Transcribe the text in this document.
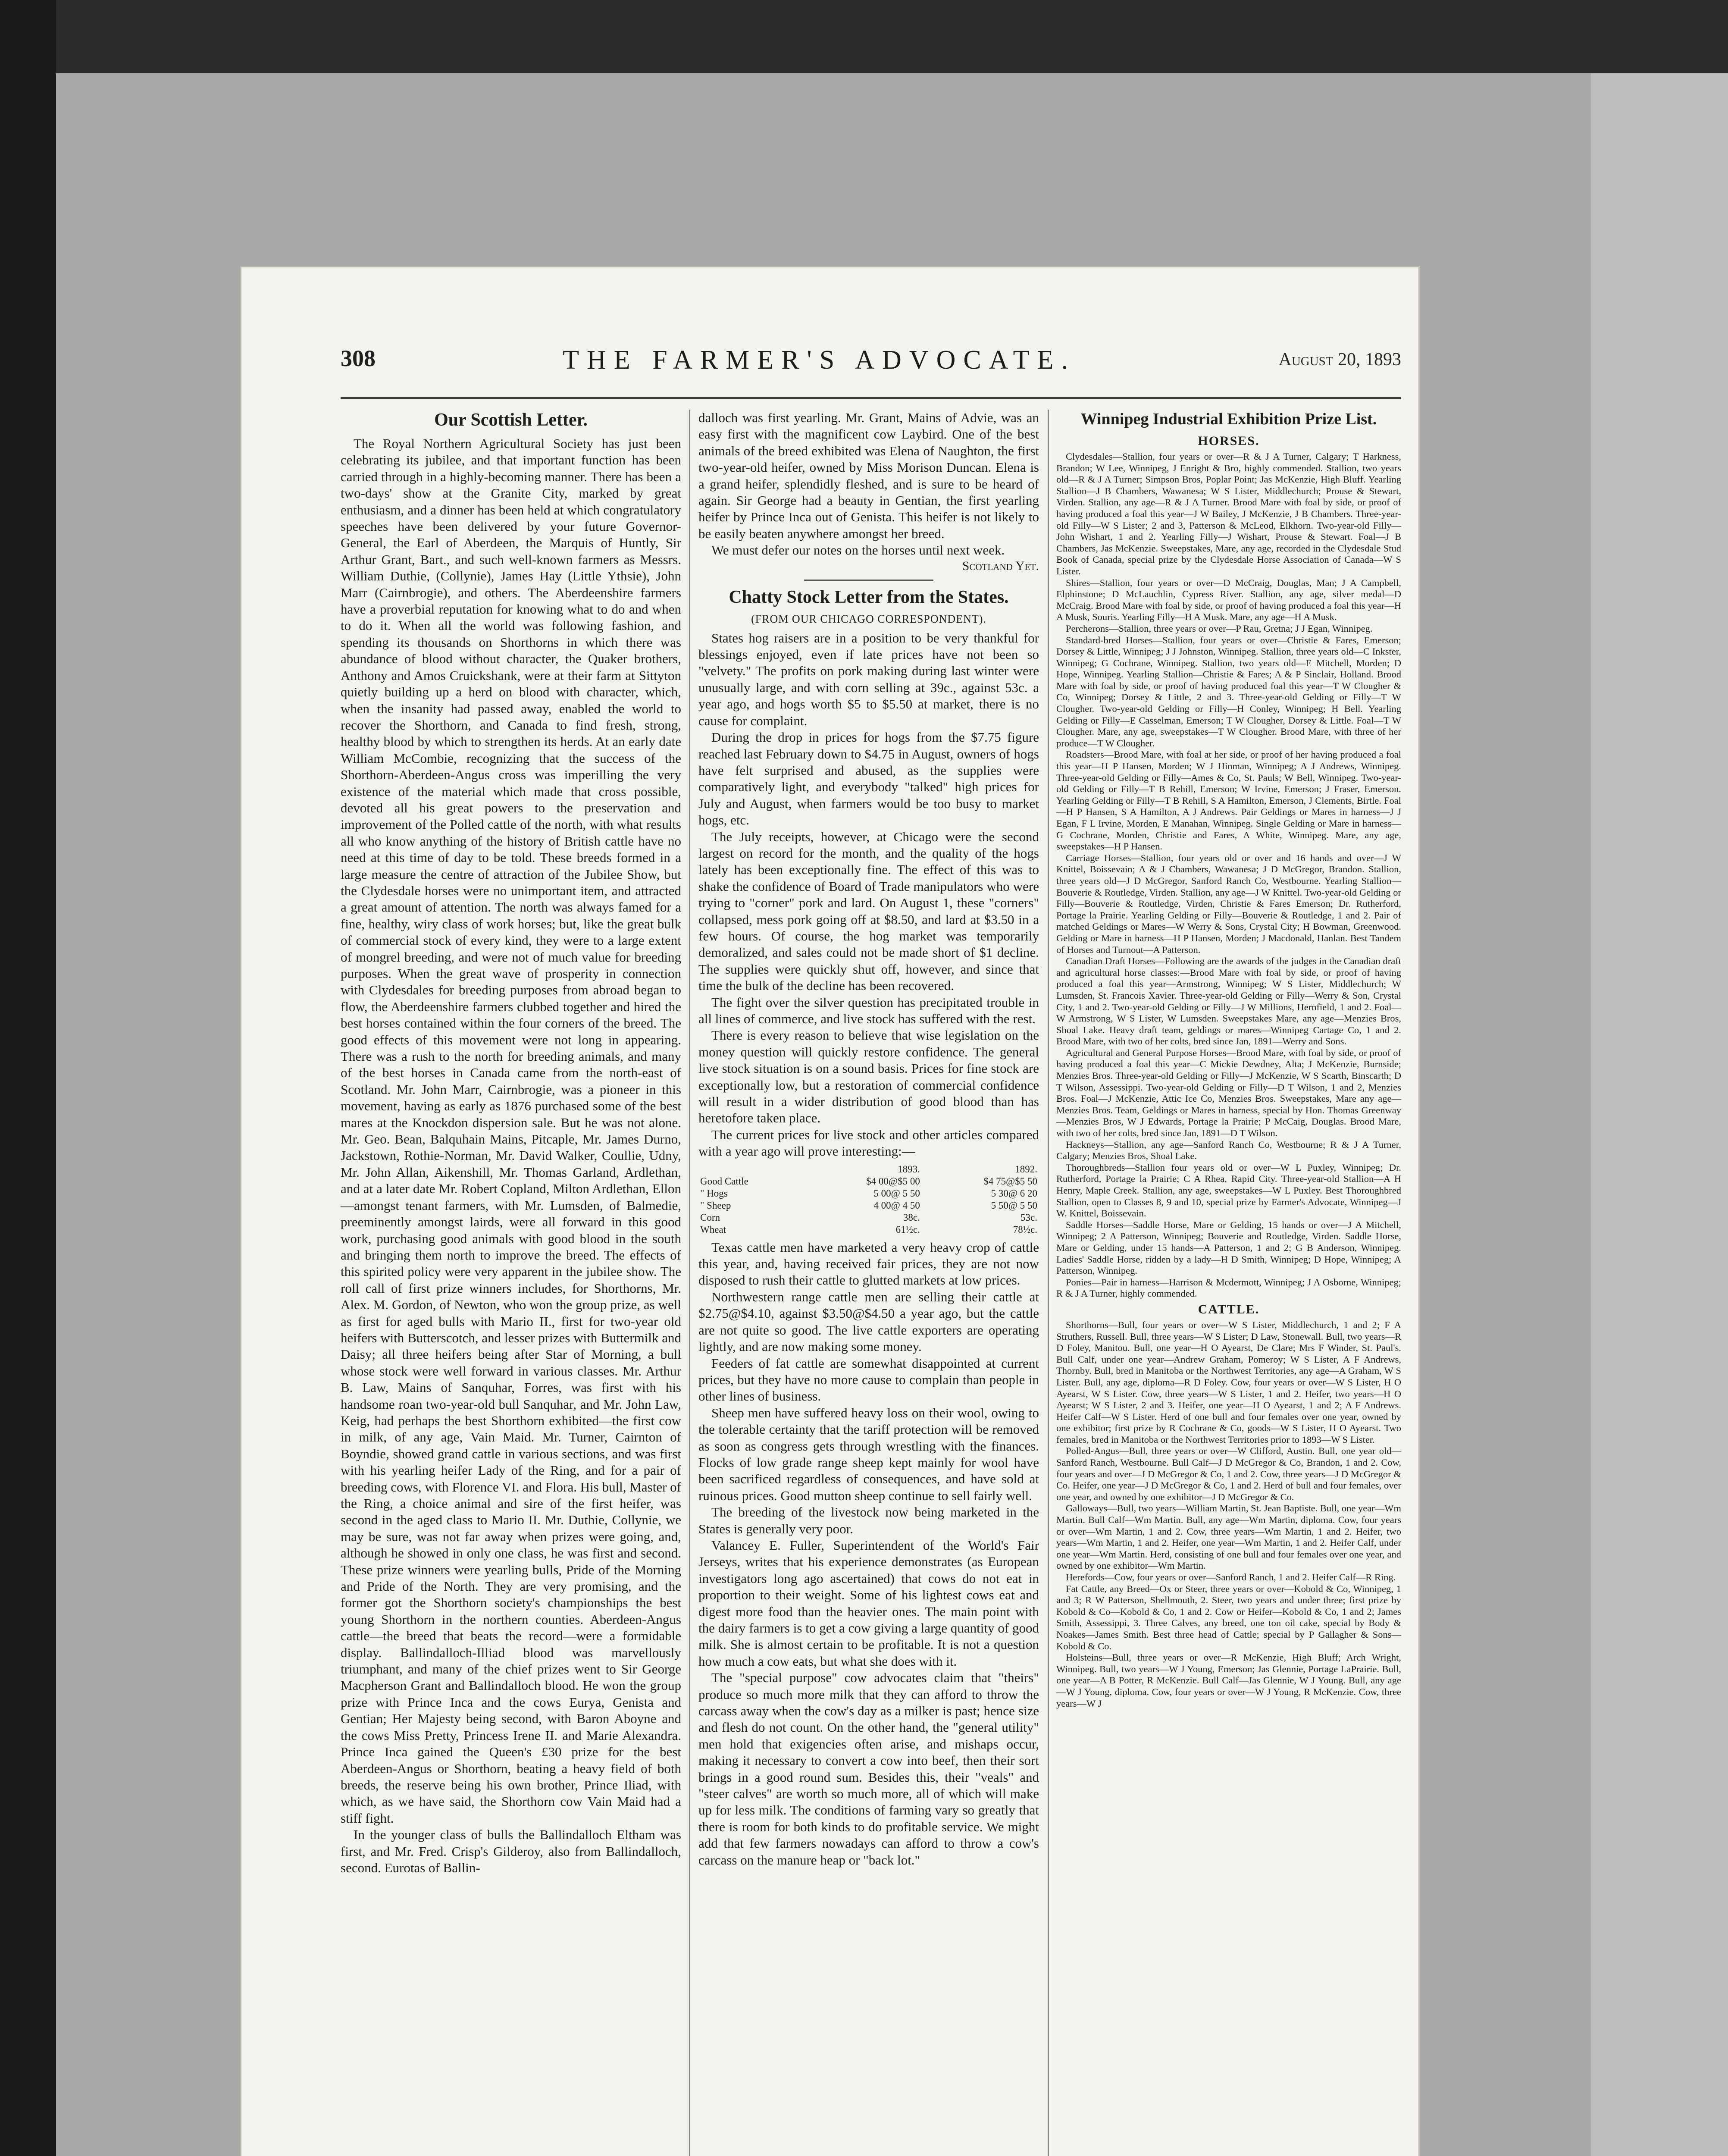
308	THE FARMER'S ADVOCATE.	August 20, 1893
Our Scottish Letter.

The Royal Northern Agricultural Society has just been celebrating its jubilee, and that important function has been carried through in a highly-becoming manner. There has been a two-days' show at the Granite City, marked by great enthusiasm, and a dinner has been held at which congratulatory speeches have been delivered by your future Governor-General, the Earl of Aberdeen, the Marquis of Huntly, Sir Arthur Grant, Bart., and such well-known farmers as Messrs. William Duthie, (Collynie), James Hay (Little Ythsie), John Marr (Cairnbrogie), and others. The Aberdeenshire farmers have a proverbial reputation for knowing what to do and when to do it. When all the world was following fashion, and spending its thousands on Shorthorns in which there was abundance of blood without character, the Quaker brothers, Anthony and Amos Cruickshank, were at their farm at Sittyton quietly building up a herd on blood with character, which, when the insanity had passed away, enabled the world to recover the Shorthorn, and Canada to find fresh, strong, healthy blood by which to strengthen its herds. At an early date William McCombie, recognizing that the success of the Shorthorn-Aberdeen-Angus cross was imperilling the very existence of the material which made that cross possible, devoted all his great powers to the preservation and improvement of the Polled cattle of the north, with what results all who know anything of the history of British cattle have no need at this time of day to be told. These breeds formed in a large measure the centre of attraction of the Jubilee Show, but the Clydesdale horses were no unimportant item, and attracted a great amount of attention. The north was always famed for a fine, healthy, wiry class of work horses; but, like the great bulk of commercial stock of every kind, they were to a large extent of mongrel breeding, and were not of much value for breeding purposes. When the great wave of prosperity in connection with Clydesdales for breeding purposes from abroad began to flow, the Aberdeenshire farmers clubbed together and hired the best horses contained within the four corners of the breed. The good effects of this movement were not long in appearing. There was a rush to the north for breeding animals, and many of the best horses in Canada came from the north-east of Scotland. Mr. John Marr, Cairnbrogie, was a pioneer in this movement, having as early as 1876 purchased some of the best mares at the Knockdon dispersion sale. But he was not alone. Mr. Geo. Bean, Balquhain Mains, Pitcaple, Mr. James Durno, Jackstown, Rothie-Norman, Mr. David Walker, Coullie, Udny, Mr. John Allan, Aikenshill, Mr. Thomas Garland, Ardlethan, and at a later date Mr. Robert Copland, Milton Ardlethan, Ellon—amongst tenant farmers, with Mr. Lumsden, of Balmedie, preeminently amongst lairds, were all forward in this good work, purchasing good animals with good blood in the south and bringing them north to improve the breed. The effects of this spirited policy were very apparent in the jubilee show. The roll call of first prize winners includes, for Shorthorns, Mr. Alex. M. Gordon, of Newton, who won the group prize, as well as first for aged bulls with Mario II., first for two-year old heifers with Butterscotch, and lesser prizes with Buttermilk and Daisy; all three heifers being after Star of Morning, a bull whose stock were well forward in various classes. Mr. Arthur B. Law, Mains of Sanquhar, Forres, was first with his handsome roan two-year-old bull Sanquhar, and Mr. John Law, Keig, had perhaps the best Shorthorn exhibited—the first cow in milk, of any age, Vain Maid. Mr. Turner, Cairnton of Boyndie, showed grand cattle in various sections, and was first with his yearling heifer Lady of the Ring, and for a pair of breeding cows, with Florence VI. and Flora. His bull, Master of the Ring, a choice animal and sire of the first heifer, was second in the aged class to Mario II. Mr. Duthie, Collynie, we may be sure, was not far away when prizes were going, and, although he showed in only one class, he was first and second. These prize winners were yearling bulls, Pride of the Morning and Pride of the North. They are very promising, and the former got the Shorthorn society's championships the best young Shorthorn in the northern counties. Aberdeen-Angus cattle—the breed that beats the record—were a formidable display. Ballindalloch-Illiad blood was marvellously triumphant, and many of the chief prizes went to Sir George Macpherson Grant and Ballindalloch blood. He won the group prize with Prince Inca and the cows Eurya, Genista and Gentian; Her Majesty being second, with Baron Aboyne and the cows Miss Pretty, Princess Irene II. and Marie Alexandra. Prince Inca gained the Queen's £30 prize for the best Aberdeen-Angus or Shorthorn, beating a heavy field of both breeds, the reserve being his own brother, Prince Iliad, with which, as we have said, the Shorthorn cow Vain Maid had a stiff fight.

In the younger class of bulls the Ballindalloch Eltham was first, and Mr. Fred. Crisp's Gilderoy, also from Ballindalloch, second. Eurotas of Ballin-

dalloch was first yearling. Mr. Grant, Mains of Advie, was an easy first with the magnificent cow Laybird. One of the best animals of the breed exhibited was Elena of Naughton, the first two-year-old heifer, owned by Miss Morison Duncan. Elena is a grand heifer, splendidly fleshed, and is sure to be heard of again. Sir George had a beauty in Gentian, the first yearling heifer by Prince Inca out of Genista. This heifer is not likely to be easily beaten anywhere amongst her breed.

We must defer our notes on the horses until next week.

Scotland Yet.
Chatty Stock Letter from the States.
(FROM OUR CHICAGO CORRESPONDENT).

States hog raisers are in a position to be very thankful for blessings enjoyed, even if late prices have not been so "velvety." The profits on pork making during last winter were unusually large, and with corn selling at 39c., against 53c. a year ago, and hogs worth $5 to $5.50 at market, there is no cause for complaint.

During the drop in prices for hogs from the $7.75 figure reached last February down to $4.75 in August, owners of hogs have felt surprised and abused, as the supplies were comparatively light, and everybody "talked" high prices for July and August, when farmers would be too busy to market hogs, etc.

The July receipts, however, at Chicago were the second largest on record for the month, and the quality of the hogs lately has been exceptionally fine. The effect of this was to shake the confidence of Board of Trade manipulators who were trying to "corner" pork and lard. On August 1, these "corners" collapsed, mess pork going off at $8.50, and lard at $3.50 in a few hours. Of course, the hog market was temporarily demoralized, and sales could not be made short of $1 decline. The supplies were quickly shut off, however, and since that time the bulk of the decline has been recovered.

The fight over the silver question has precipitated trouble in all lines of commerce, and live stock has suffered with the rest.

There is every reason to believe that wise legislation on the money question will quickly restore confidence. The general live stock situation is on a sound basis. Prices for fine stock are exceptionally low, but a restoration of commercial confidence will result in a wider distribution of good blood than has heretofore taken place.

The current prices for live stock and other articles compared with a year ago will prove interesting:—

	1893.	1892.
Good Cattle	$4 00@$5 00	$4 75@$5 50
" Hogs	5 00@ 5 50	5 30@ 6 20
" Sheep	4 00@ 4 50	5 50@ 5 50
Corn	38c.	53c.
Wheat	61½c.	78½c.

Texas cattle men have marketed a very heavy crop of cattle this year, and, having received fair prices, they are not now disposed to rush their cattle to glutted markets at low prices.

Northwestern range cattle men are selling their cattle at $2.75@$4.10, against $3.50@$4.50 a year ago, but the cattle are not quite so good. The live cattle exporters are operating lightly, and are now making some money.

Feeders of fat cattle are somewhat disappointed at current prices, but they have no more cause to complain than people in other lines of business.

Sheep men have suffered heavy loss on their wool, owing to the tolerable certainty that the tariff protection will be removed as soon as congress gets through wrestling with the finances. Flocks of low grade range sheep kept mainly for wool have been sacrificed regardless of consequences, and have sold at ruinous prices. Good mutton sheep continue to sell fairly well.

The breeding of the livestock now being marketed in the States is generally very poor.

Valancey E. Fuller, Superintendent of the World's Fair Jerseys, writes that his experience demonstrates (as European investigators long ago ascertained) that cows do not eat in proportion to their weight. Some of his lightest cows eat and digest more food than the heavier ones. The main point with the dairy farmers is to get a cow giving a large quantity of good milk. She is almost certain to be profitable. It is not a question how much a cow eats, but what she does with it.

The "special purpose" cow advocates claim that "theirs" produce so much more milk that they can afford to throw the carcass away when the cow's day as a milker is past; hence size and flesh do not count. On the other hand, the "general utility" men hold that exigencies often arise, and mishaps occur, making it necessary to convert a cow into beef, then their sort brings in a good round sum. Besides this, their "veals" and "steer calves" are worth so much more, all of which will make up for less milk. The conditions of farming vary so greatly that there is room for both kinds to do profitable service. We might add that few farmers nowadays can afford to throw a cow's carcass on the manure heap or "back lot."

Winnipeg Industrial Exhibition Prize List.
HORSES.

Clydesdales—Stallion, four years or over—R & J A Turner, Calgary; T Harkness, Brandon; W Lee, Winnipeg, J Enright & Bro, highly commended. Stallion, two years old—R & J A Turner; Simpson Bros, Poplar Point; Jas McKenzie, High Bluff. Yearling Stallion—J B Chambers, Wawanesa; W S Lister, Middlechurch; Prouse & Stewart, Virden. Stallion, any age—R & J A Turner. Brood Mare with foal by side, or proof of having produced a foal this year—J W Bailey, J McKenzie, J B Chambers. Three-year-old Filly—W S Lister; 2 and 3, Patterson & McLeod, Elkhorn. Two-year-old Filly—John Wishart, 1 and 2. Yearling Filly—J Wishart, Prouse & Stewart. Foal—J B Chambers, Jas McKenzie. Sweepstakes, Mare, any age, recorded in the Clydesdale Stud Book of Canada, special prize by the Clydesdale Horse Association of Canada—W S Lister.

Shires—Stallion, four years or over—D McCraig, Douglas, Man; J A Campbell, Elphinstone; D McLauchlin, Cypress River. Stallion, any age, silver medal—D McCraig. Brood Mare with foal by side, or proof of having produced a foal this year—H A Musk, Souris. Yearling Filly—H A Musk. Mare, any age—H A Musk.

Percherons—Stallion, three years or over—P Rau, Gretna; J J Egan, Winnipeg.

Standard-bred Horses—Stallion, four years or over—Christie & Fares, Emerson; Dorsey & Little, Winnipeg; J J Johnston, Winnipeg. Stallion, three years old—C Inkster, Winnipeg; G Cochrane, Winnipeg. Stallion, two years old—E Mitchell, Morden; D Hope, Winnipeg. Yearling Stallion—Christie & Fares; A & P Sinclair, Holland. Brood Mare with foal by side, or proof of having produced foal this year—T W Clougher & Co, Winnipeg; Dorsey & Little, 2 and 3. Three-year-old Gelding or Filly—T W Clougher. Two-year-old Gelding or Filly—H Conley, Winnipeg; H Bell. Yearling Gelding or Filly—E Casselman, Emerson; T W Clougher, Dorsey & Little. Foal—T W Clougher. Mare, any age, sweepstakes—T W Clougher. Brood Mare, with three of her produce—T W Clougher.

Roadsters—Brood Mare, with foal at her side, or proof of her having produced a foal this year—H P Hansen, Morden; W J Hinman, Winnipeg; A J Andrews, Winnipeg. Three-year-old Gelding or Filly—Ames & Co, St. Pauls; W Bell, Winnipeg. Two-year-old Gelding or Filly—T B Rehill, Emerson; W Irvine, Emerson; J Fraser, Emerson. Yearling Gelding or Filly—T B Rehill, S A Hamilton, Emerson, J Clements, Birtle. Foal—H P Hansen, S A Hamilton, A J Andrews. Pair Geldings or Mares in harness—J J Egan, F L Irvine, Morden, E Manahan, Winnipeg. Single Gelding or Mare in harness—G Cochrane, Morden, Christie and Fares, A White, Winnipeg. Mare, any age, sweepstakes—H P Hansen.

Carriage Horses—Stallion, four years old or over and 16 hands and over—J W Knittel, Boissevain; A & J Chambers, Wawanesa; J D McGregor, Brandon. Stallion, three years old—J D McGregor, Sanford Ranch Co, Westbourne. Yearling Stallion—Bouverie & Routledge, Virden. Stallion, any age—J W Knittel. Two-year-old Gelding or Filly—Bouverie & Routledge, Virden, Christie & Fares Emerson; Dr. Rutherford, Portage la Prairie. Yearling Gelding or Filly—Bouverie & Routledge, 1 and 2. Pair of matched Geldings or Mares—W Werry & Sons, Crystal City; H Bowman, Greenwood. Gelding or Mare in harness—H P Hansen, Morden; J Macdonald, Hanlan. Best Tandem of Horses and Turnout—A Patterson.

Canadian Draft Horses—Following are the awards of the judges in the Canadian draft and agricultural horse classes:—Brood Mare with foal by side, or proof of having produced a foal this year—Armstrong, Winnipeg; W S Lister, Middlechurch; W Lumsden, St. Francois Xavier. Three-year-old Gelding or Filly—Werry & Son, Crystal City, 1 and 2. Two-year-old Gelding or Filly—J W Millions, Hernfield, 1 and 2. Foal—W Armstrong, W S Lister, W Lumsden. Sweepstakes Mare, any age—Menzies Bros, Shoal Lake. Heavy draft team, geldings or mares—Winnipeg Cartage Co, 1 and 2. Brood Mare, with two of her colts, bred since Jan, 1891—Werry and Sons.

Agricultural and General Purpose Horses—Brood Mare, with foal by side, or proof of having produced a foal this year—C Mickie Dewdney, Alta; J McKenzie, Burnside; Menzies Bros. Three-year-old Gelding or Filly—J McKenzie, W S Scarth, Binscarth; D T Wilson, Assessippi. Two-year-old Gelding or Filly—D T Wilson, 1 and 2, Menzies Bros. Foal—J McKenzie, Attic Ice Co, Menzies Bros. Sweepstakes, Mare any age—Menzies Bros. Team, Geldings or Mares in harness, special by Hon. Thomas Greenway—Menzies Bros, W J Edwards, Portage la Prairie; P McCaig, Douglas. Brood Mare, with two of her colts, bred since Jan, 1891—D T Wilson.

Hackneys—Stallion, any age—Sanford Ranch Co, Westbourne; R & J A Turner, Calgary; Menzies Bros, Shoal Lake.

Thoroughbreds—Stallion four years old or over—W L Puxley, Winnipeg; Dr. Rutherford, Portage la Prairie; C A Rhea, Rapid City. Three-year-old Stallion—A H Henry, Maple Creek. Stallion, any age, sweepstakes—W L Puxley. Best Thoroughbred Stallion, open to Classes 8, 9 and 10, special prize by Farmer's Advocate, Winnipeg—J W. Knittel, Boissevain.

Saddle Horses—Saddle Horse, Mare or Gelding, 15 hands or over—J A Mitchell, Winnipeg; 2 A Patterson, Winnipeg; Bouverie and Routledge, Virden. Saddle Horse, Mare or Gelding, under 15 hands—A Patterson, 1 and 2; G B Anderson, Winnipeg. Ladies' Saddle Horse, ridden by a lady—H D Smith, Winnipeg; D Hope, Winnipeg; A Patterson, Winnipeg.

Ponies—Pair in harness—Harrison & Mcdermott, Winnipeg; J A Osborne, Winnipeg; R & J A Turner, highly commended.

CATTLE.

Shorthorns—Bull, four years or over—W S Lister, Middlechurch, 1 and 2; F A Struthers, Russell. Bull, three years—W S Lister; D Law, Stonewall. Bull, two years—R D Foley, Manitou. Bull, one year—H O Ayearst, De Clare; Mrs F Winder, St. Paul's. Bull Calf, under one year—Andrew Graham, Pomeroy; W S Lister, A F Andrews, Thornby. Bull, bred in Manitoba or the Northwest Territories, any age—A Graham, W S Lister. Bull, any age, diploma—R D Foley. Cow, four years or over—W S Lister, H O Ayearst, W S Lister. Cow, three years—W S Lister, 1 and 2. Heifer, two years—H O Ayearst; W S Lister, 2 and 3. Heifer, one year—H O Ayearst, 1 and 2; A F Andrews. Heifer Calf—W S Lister. Herd of one bull and four females over one year, owned by one exhibitor; first prize by R Cochrane & Co, goods—W S Lister, H O Ayearst. Two females, bred in Manitoba or the Northwest Territories prior to 1893—W S Lister.

Polled-Angus—Bull, three years or over—W Clifford, Austin. Bull, one year old—Sanford Ranch, Westbourne. Bull Calf—J D McGregor & Co, Brandon, 1 and 2. Cow, four years and over—J D McGregor & Co, 1 and 2. Cow, three years—J D McGregor & Co. Heifer, one year—J D McGregor & Co, 1 and 2. Herd of bull and four females, over one year, and owned by one exhibitor—J D McGregor & Co.

Galloways—Bull, two years—William Martin, St. Jean Baptiste. Bull, one year—Wm Martin. Bull Calf—Wm Martin. Bull, any age—Wm Martin, diploma. Cow, four years or over—Wm Martin, 1 and 2. Cow, three years—Wm Martin, 1 and 2. Heifer, two years—Wm Martin, 1 and 2. Heifer, one year—Wm Martin, 1 and 2. Heifer Calf, under one year—Wm Martin. Herd, consisting of one bull and four females over one year, and owned by one exhibitor—Wm Martin.

Herefords—Cow, four years or over—Sanford Ranch, 1 and 2. Heifer Calf—R Ring.

Fat Cattle, any Breed—Ox or Steer, three years or over—Kobold & Co, Winnipeg, 1 and 3; R W Patterson, Shellmouth, 2. Steer, two years and under three; first prize by Kobold & Co—Kobold & Co, 1 and 2. Cow or Heifer—Kobold & Co, 1 and 2; James Smith, Assessippi, 3. Three Calves, any breed, one ton oil cake, special by Body & Noakes—James Smith. Best three head of Cattle; special by P Gallagher & Sons—Kobold & Co.

Holsteins—Bull, three years or over—R McKenzie, High Bluff; Arch Wright, Winnipeg. Bull, two years—W J Young, Emerson; Jas Glennie, Portage LaPrairie. Bull, one year—A B Potter, R McKenzie. Bull Calf—Jas Glennie, W J Young. Bull, any age—W J Young, diploma. Cow, four years or over—W J Young, R McKenzie. Cow, three years—W J
